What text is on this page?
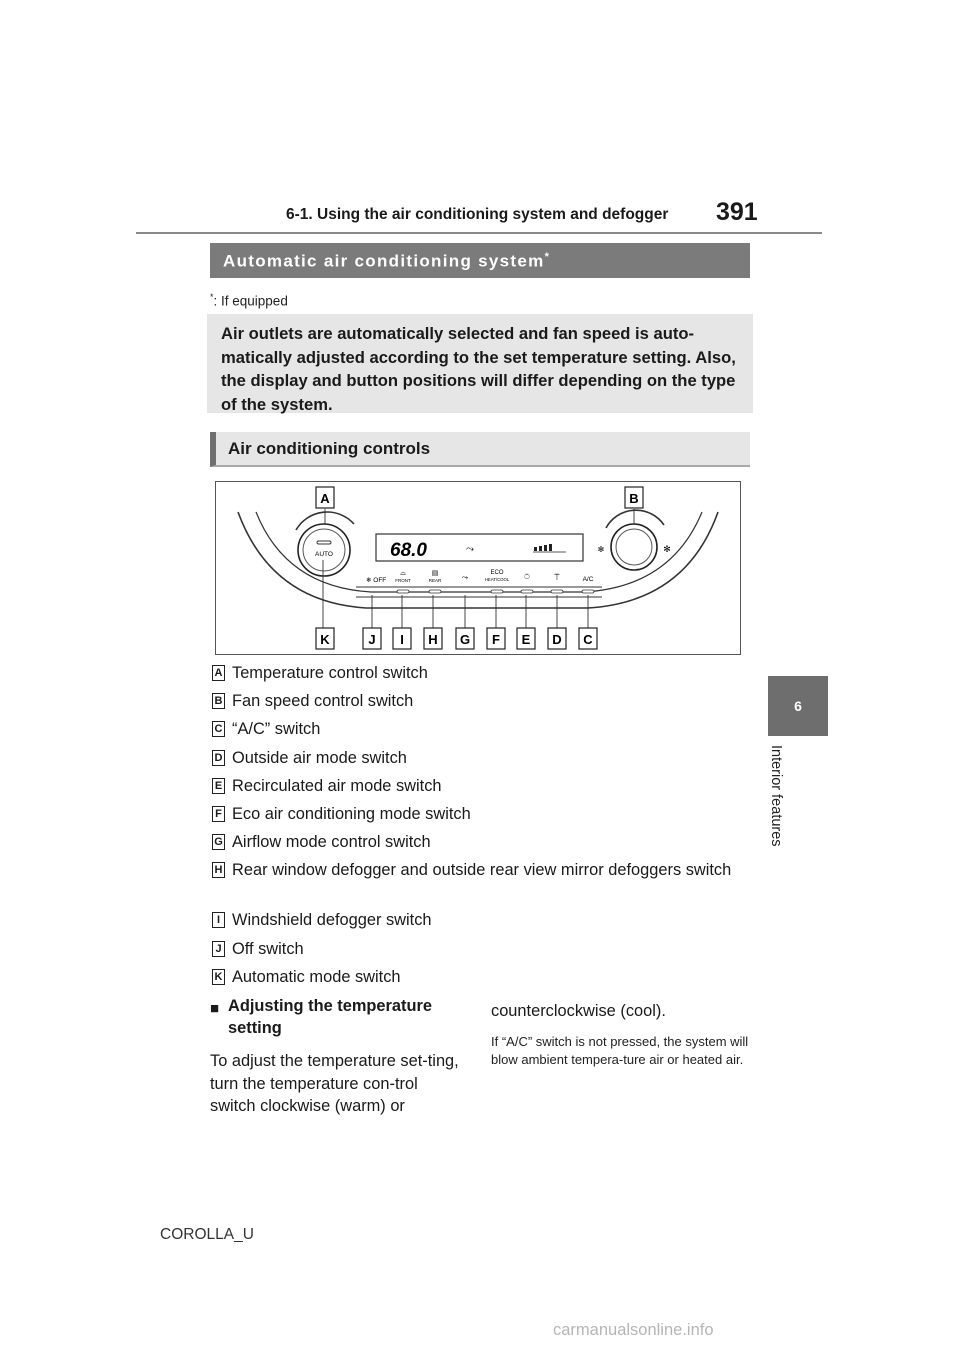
6-1. Using the air conditioning system and defogger 391
6
Interior features
Automatic air conditioning system*
*: If equipped
Air outlets are automatically selected and fan speed is auto-matically adjusted according to the set temperature setting. Also, the display and button positions will differ depending on the type of the system.
Air conditioning controls
AUTO
✻	✻
68.0	⤳
❄ OFF FRONT	REAR
⌓	▤	⤳	ECO
HEAT/COOL ⍥	⍡	A/C
A	B
K	J I H G F E D C
A Temperature control switch
B Fan speed control switch
C “A/C” switch
D Outside air mode switch
E Recirculated air mode switch
F Eco air conditioning mode switch
G Airflow mode control switch
H Rear window defogger and outside rear view mirror defoggers switch
I Windshield defogger switch
J Off switch
K Automatic mode switch
■ Adjusting the temperature setting
To adjust the temperature set-ting, turn the temperature con-trol switch clockwise (warm) or
counterclockwise (cool).
If “A/C” switch is not pressed, the system will blow ambient tempera-ture air or heated air.
COROLLA_U
carmanualsonline.info
